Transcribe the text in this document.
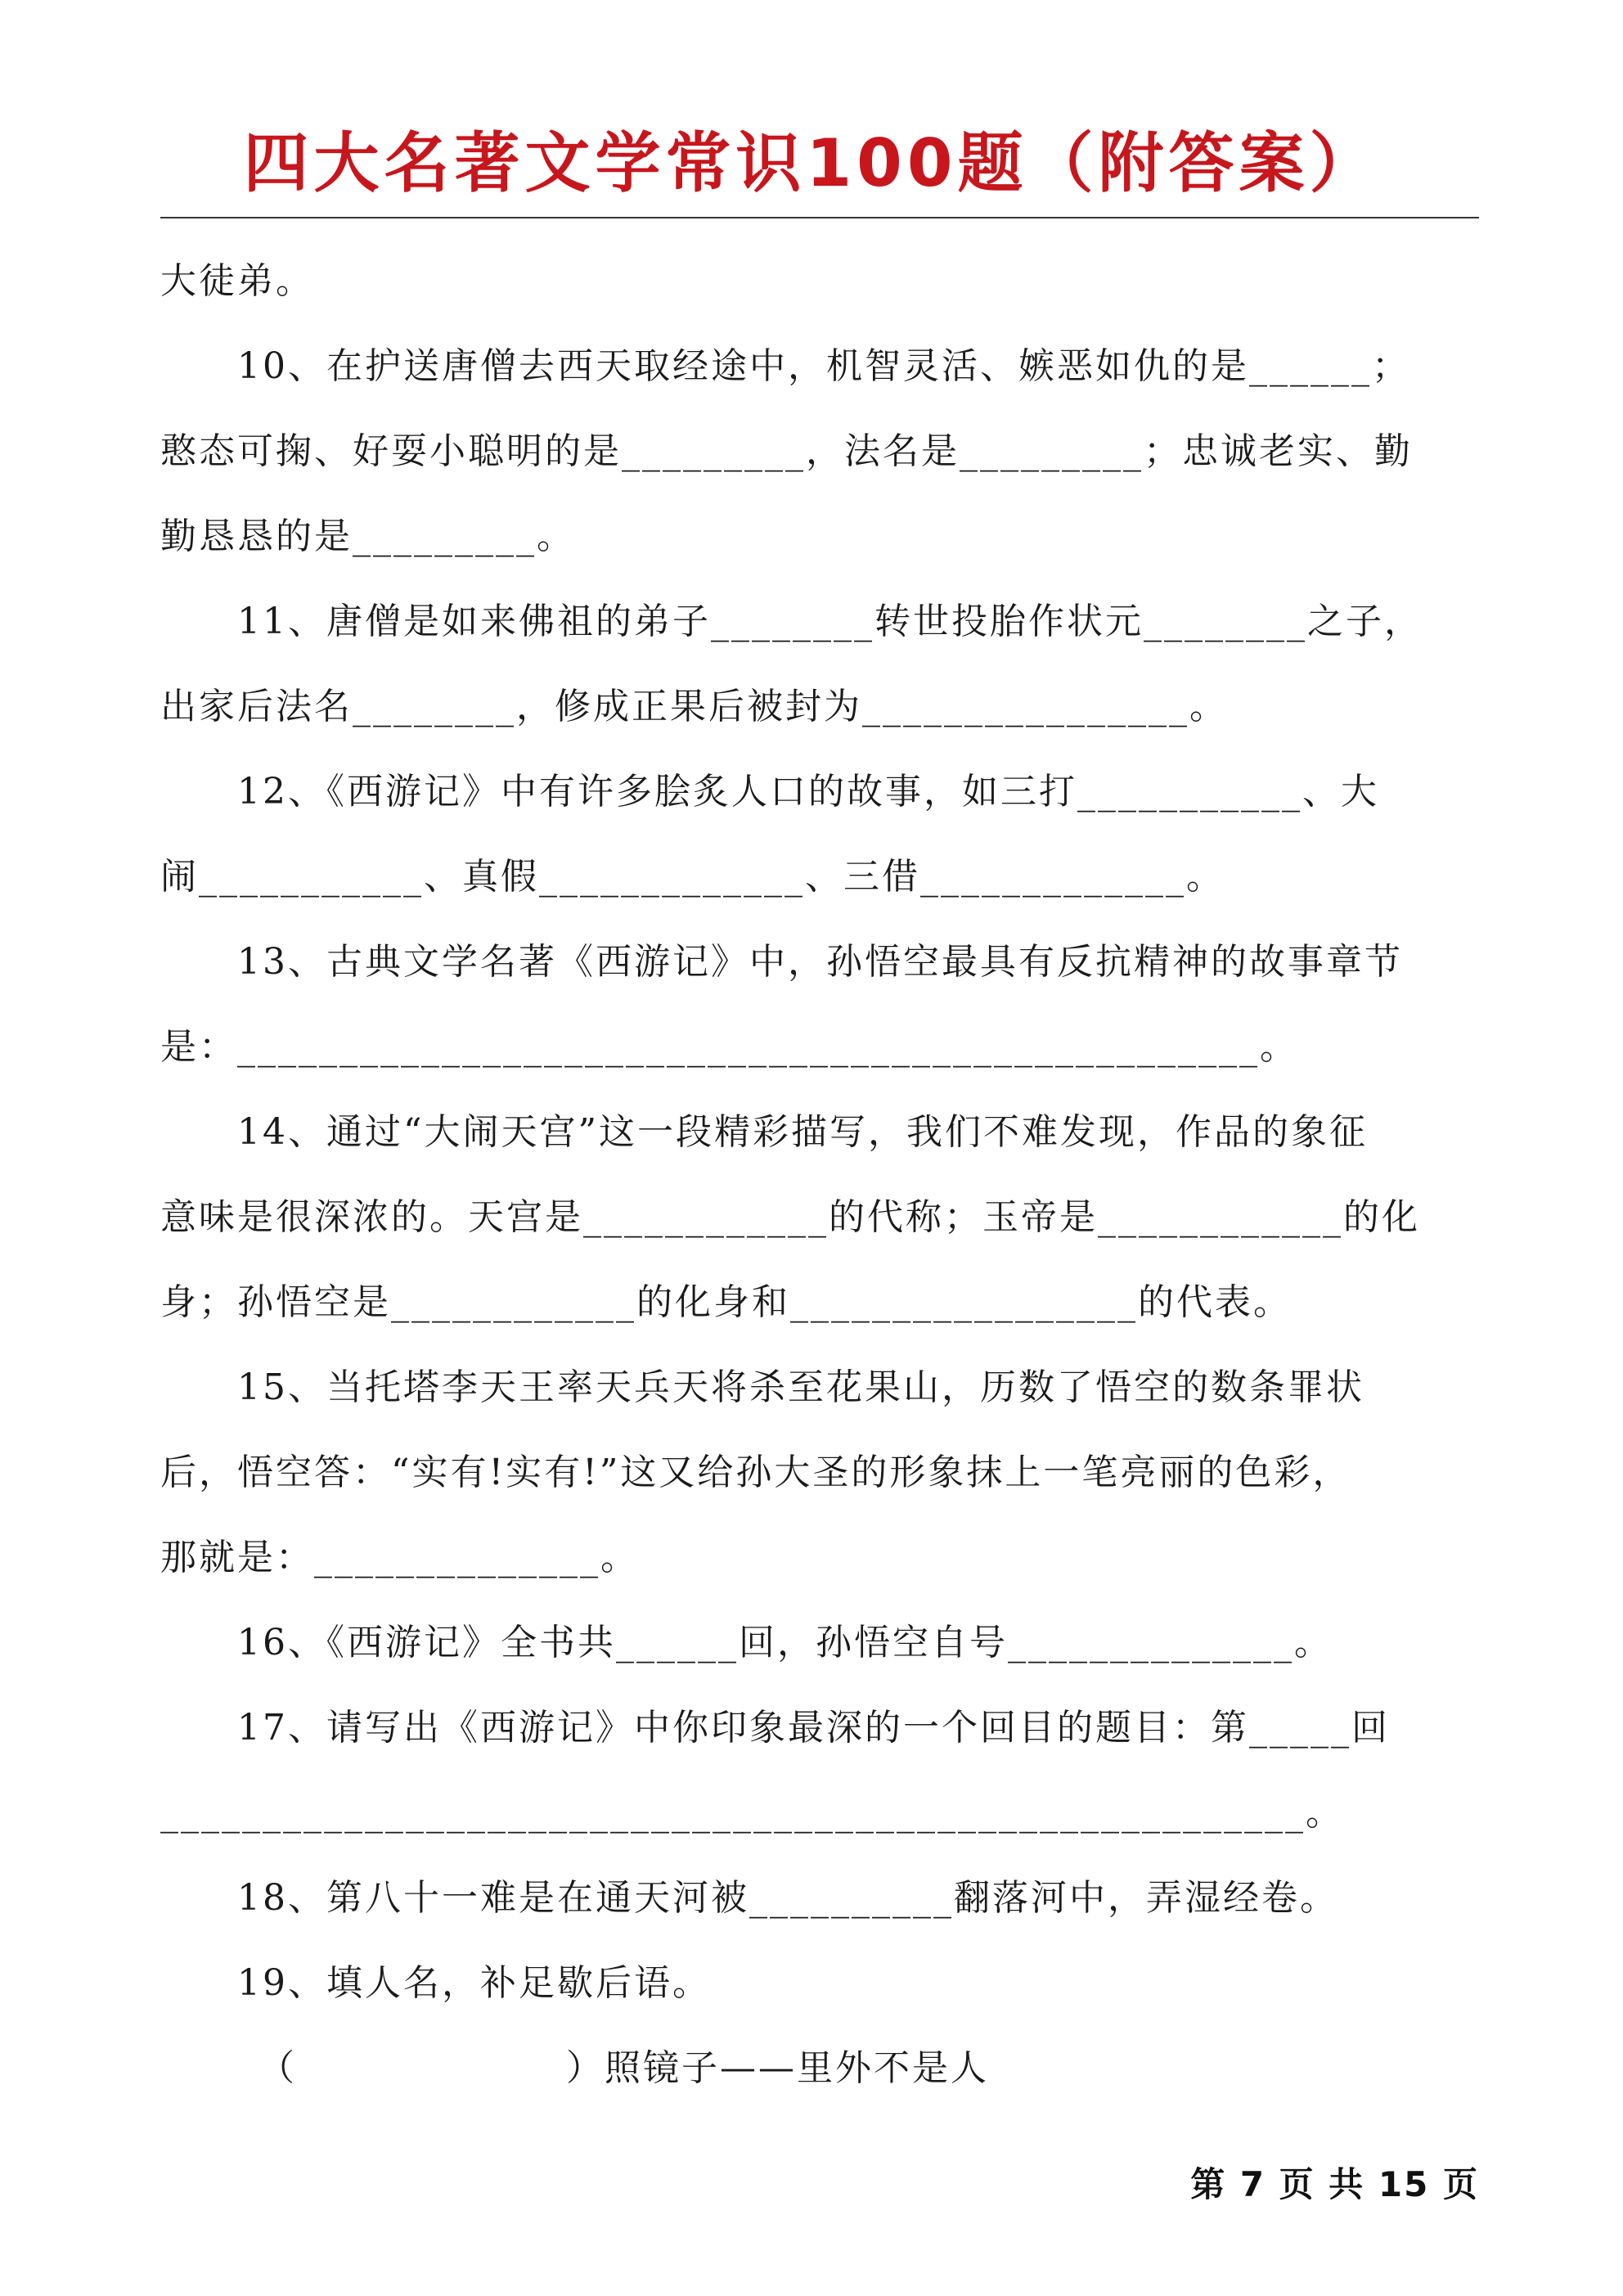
四大名著文学常识100题（附答案）
大徒弟。
10、在护送唐僧去西天取经途中，机智灵活、嫉恶如仇的是______；
憨态可掬、好耍小聪明的是_________，法名是_________；忠诚老实、勤
勤恳恳的是_________。
11、唐僧是如来佛祖的弟子________转世投胎作状元________之子，
出家后法名________，修成正果后被封为________________。
12、《西游记》中有许多脍炙人口的故事，如三打___________、大
闹___________、真假_____________、三借_____________。
13、古典文学名著《西游记》中，孙悟空最具有反抗精神的故事章节
是：__________________________________________________。
14、通过“大闹天宫”这一段精彩描写，我们不难发现，作品的象征
意味是很深浓的。天宫是____________的代称；玉帝是____________的化
身；孙悟空是____________的化身和_________________的代表。
15、当托塔李天王率天兵天将杀至花果山，历数了悟空的数条罪状
后，悟空答：“实有!实有!”这又给孙大圣的形象抹上一笔亮丽的色彩，
那就是：______________。
16、《西游记》全书共______回，孙悟空自号______________。
17、请写出《西游记》中你印象最深的一个回目的题目：第_____回
________________________________________________________。
18、第八十一难是在通天河被__________翻落河中，弄湿经卷。
19、填人名，补足歇后语。
（　　　　　　　）照镜子——里外不是人
第 7 页 共 15 页
